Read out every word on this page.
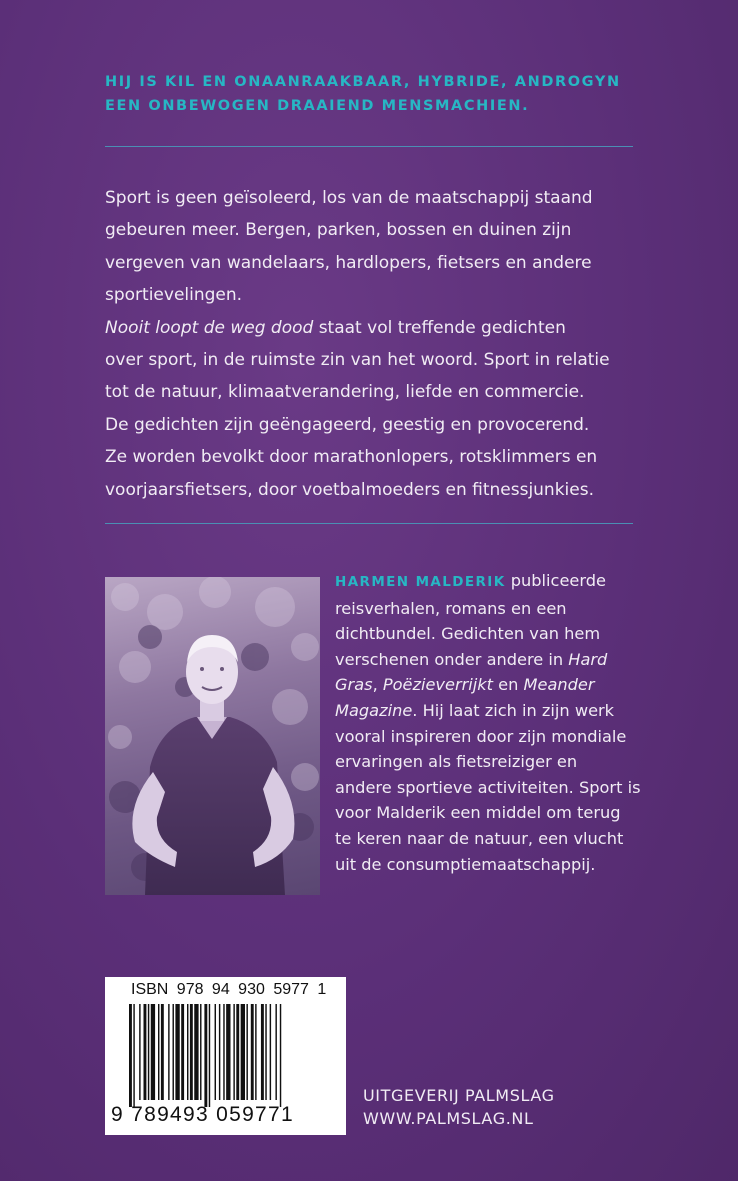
HIJ IS KIL EN ONAANRAAKBAAR, HYBRIDE, ANDROGYN
EEN ONBEWOGEN DRAAIEND MENSMACHIEN.
Sport is geen geïsoleerd, los van de maatschappij staand
gebeuren meer. Bergen, parken, bossen en duinen zijn
vergeven van wandelaars, hardlopers, fietsers en andere
sportievelingen.
Nooit loopt de weg dood staat vol treffende gedichten
over sport, in de ruimste zin van het woord. Sport in relatie
tot de natuur, klimaatverandering, liefde en commercie.
De gedichten zijn geëngageerd, geestig en provocerend.
Ze worden bevolkt door marathonlopers, rotsklimmers en
voorjaarsfietsers, door voetbalmoeders en fitnessjunkies.
HARMEN MALDERIK publiceerde
reisverhalen, romans en een
dichtbundel. Gedichten van hem
verschenen onder andere in Hard
Gras, Poëzieverrijkt en Meander
Magazine. Hij laat zich in zijn werk
vooral inspireren door zijn mondiale
ervaringen als fietsreiziger en
andere sportieve activiteiten. Sport is
voor Malderik een middel om terug
te keren naar de natuur, een vlucht
uit de consumptiemaatschappij.
ISBN 978 94 930 5977 1
9 789493 059771
UITGEVERIJ PALMSLAG
WWW.PALMSLAG.NL
